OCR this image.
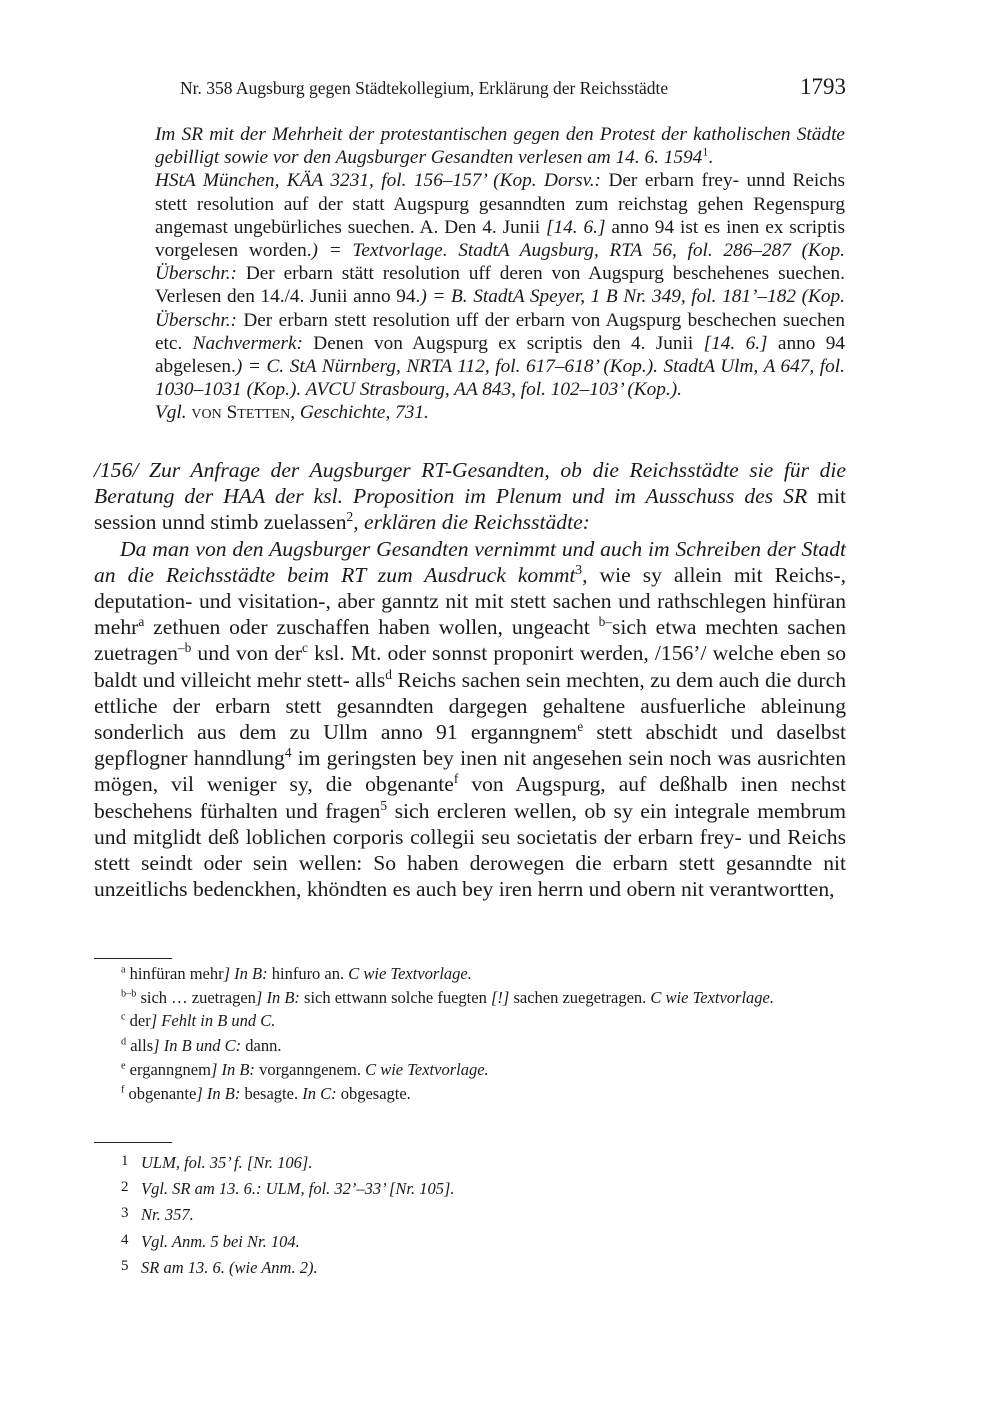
Nr. 358 Augsburg gegen Städtekollegium, Erklärung der Reichsstädte	1793

Im SR mit der Mehrheit der protestantischen gegen den Protest der katholischen Städte gebilligt sowie vor den Augsburger Gesandten verlesen am 14. 6. 1594$^1$.

HStA München, KÄA 3231, fol. 156–157’ (Kop. Dorsv.: Der erbarn frey- unnd Reichs stett resolution auf der statt Augspurg gesanndten zum reichstag gehen Regenspurg angemast ungebürliches suechen. A. Den 4. Junii [14. 6.] anno 94 ist es inen ex scriptis vorgelesen worden.) = Textvorlage. StadtA Augsburg, RTA 56, fol. 286–287 (Kop. Überschr.: Der erbarn stätt resolution uff deren von Augspurg beschehenes suechen. Verlesen den 14./4. Junii anno 94.) = B. StadtA Speyer, 1 B Nr. 349, fol. 181’–182 (Kop. Überschr.: Der erbarn stett resolution uff der erbarn von Augspurg beschechen suechen etc. Nachvermerk: Denen von Augspurg ex scriptis den 4. Junii [14. 6.] anno 94 abgelesen.) = C. StA Nürnberg, NRTA 112, fol. 617–618’ (Kop.). StadtA Ulm, A 647, fol. 1030–1031 (Kop.). AVCU Strasbourg, AA 843, fol. 102–103’ (Kop.).

Vgl. von Stetten, Geschichte, 731.

/156/ Zur Anfrage der Augsburger RT-Gesandten, ob die Reichsstädte sie für die Beratung der HAA der ksl. Proposition im Plenum und im Ausschuss des SR mit session unnd stimb zuelassen$^2$, erklären die Reichsstädte:

Da man von den Augsburger Gesandten vernimmt und auch im Schreiben der Stadt an die Reichsstädte beim RT zum Ausdruck kommt$^3$, wie sy allein mit Reichs-, deputation- und visitation-, aber ganntz nit mit stett sachen und rathschlegen hinfüran mehr$^a$ zethuen oder zuschaffen haben wollen, ungeacht $^{b-}$sich etwa mechten sachen zuetragen$^{-b}$ und von der$^c$ ksl. Mt. oder sonnst proponirt werden, /156’/ welche eben so baldt und villeicht mehr stett- alls$^d$ Reichs sachen sein mechten, zu dem auch die durch ettliche der erbarn stett gesanndten dargegen gehaltene ausfuerliche ableinung sonderlich aus dem zu Ullm anno 91 erganngnem$^e$ stett abschidt und daselbst gepflogner hanndlung$^4$ im geringsten bey inen nit angesehen sein noch was ausrichten mögen, vil weniger sy, die obgenante$^f$ von Augspurg, auf deßhalb inen nechst beschehens fürhalten und fragen$^5$ sich ercleren wellen, ob sy ein integrale membrum und mitglidt deß loblichen corporis collegii seu societatis der erbarn frey- und Reichs stett seindt oder sein wellen: So haben derowegen die erbarn stett gesanndte nit unzeitlichs bedenckhen, khöndten es auch bey iren herrn und obern nit verantwortten,

$^a$ hinfüran mehr] In B: hinfuro an. C wie Textvorlage.

$^{b-b}$ sich … zuetragen] In B: sich ettwann solche fuegten [!] sachen zuegetragen. C wie Textvorlage.

$^c$ der] Fehlt in B und C.

$^d$ alls] In B und C: dann.

$^e$ erganngnem] In B: vorganngenem. C wie Textvorlage.

$^f$ obgenante] In B: besagte. In C: obgesagte.

1 ULM, fol. 35’ f. [Nr. 106].

2 Vgl. SR am 13. 6.: ULM, fol. 32’–33’ [Nr. 105].

3 Nr. 357.

4 Vgl. Anm. 5 bei Nr. 104.

5 SR am 13. 6. (wie Anm. 2).
